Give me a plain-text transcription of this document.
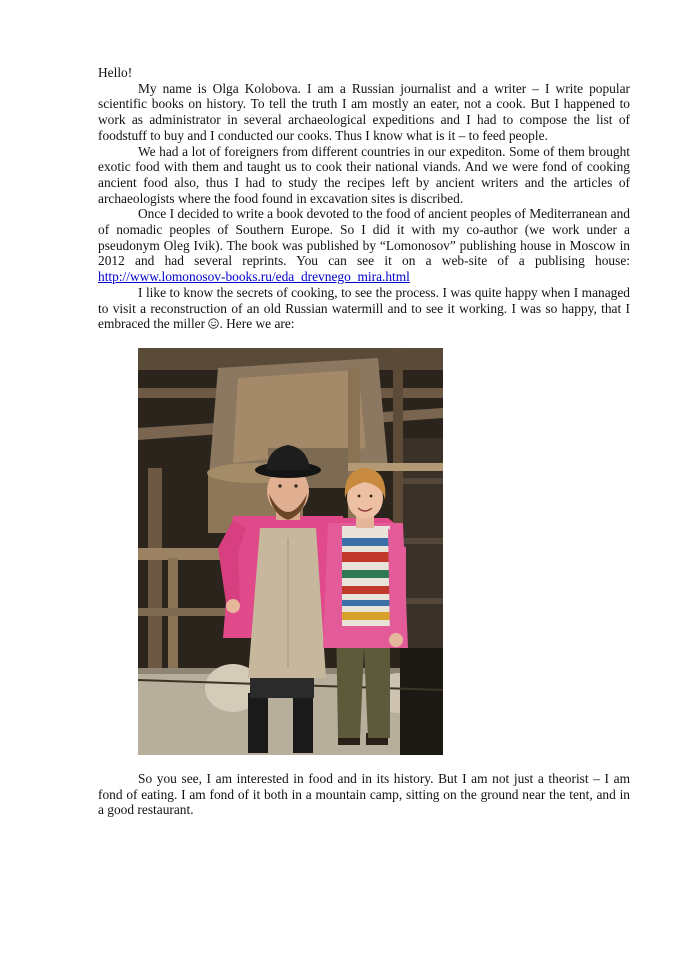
Hello!

My name is Olga Kolobova. I am a Russian journalist and a writer – I write popular scientific books on history. To tell the truth I am mostly an eater, not a cook. But I happened to work as administrator in several archaeological expeditions and I had to compose the list of foodstuff to buy and I conducted our cooks. Thus I know what is it – to feed people.

We had a lot of foreigners from different countries in our expediton. Some of them brought exotic food with them and taught us to cook their national viands. And we were fond of cooking ancient food also, thus I had to study the recipes left by ancient writers and the articles of archaeologists where the food found in excavation sites is discribed.

Once I decided to write a book devoted to the food of ancient peoples of Mediterranean and of nomadic peoples of Southern Europe. So I did it with my co-author (we work under a pseudonym Oleg Ivik). The book was published by “Lomonosov” publishing house in Moscow in 2012 and had several reprints. You can see it on a web-site of a publising house: http://www.lomonosov-books.ru/eda_drevnego_mira.html

I like to know the secrets of cooking, to see the process. I was quite happy when I managed to visit a reconstruction of an old Russian watermill and to see it working. I was so happy, that I embraced the miller . Here we are:

So you see, I am interested in food and in its history. But I am not just a theorist – I am fond of eating. I am fond of it both in a mountain camp, sitting on the ground near the tent, and in a good restaurant.
